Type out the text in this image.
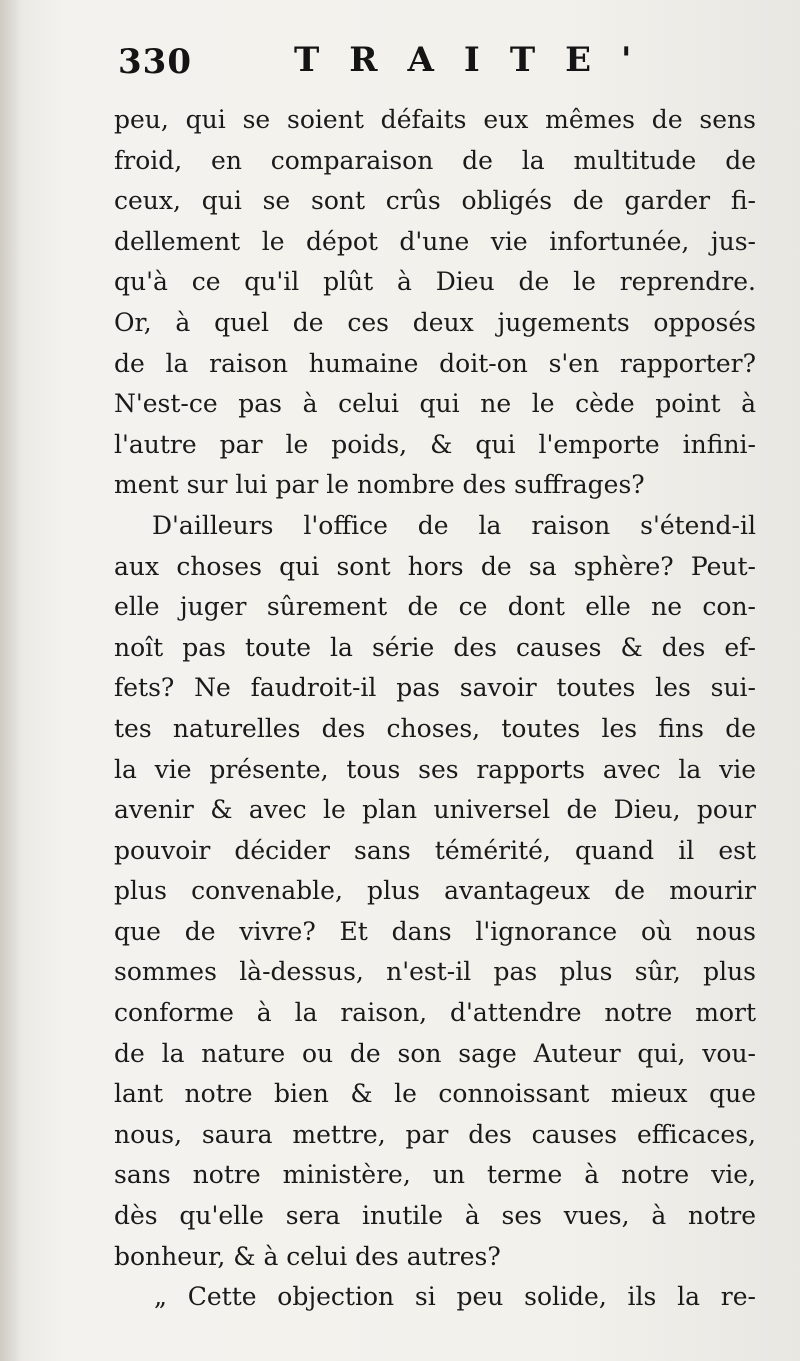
330	TRAITE'
peu, qui se soient défaits eux mêmes de sens
froid, en comparaison de la multitude de
ceux, qui se sont crûs obligés de garder fi-
dellement le dépot d'une vie infortunée, jus-
qu'à ce qu'il plût à Dieu de le reprendre.
Or, à quel de ces deux jugements opposés
de la raison humaine doit-on s'en rapporter?
N'est-ce pas à celui qui ne le cède point à
l'autre par le poids, & qui l'emporte infini-
ment sur lui par le nombre des suffrages?
D'ailleurs l'office de la raison s'étend-il
aux choses qui sont hors de sa sphère? Peut-
elle juger sûrement de ce dont elle ne con-
noît pas toute la série des causes & des ef-
fets? Ne faudroit-il pas savoir toutes les sui-
tes naturelles des choses, toutes les fins de
la vie présente, tous ses rapports avec la vie
avenir & avec le plan universel de Dieu, pour
pouvoir décider sans témérité, quand il est
plus convenable, plus avantageux de mourir
que de vivre? Et dans l'ignorance où nous
sommes là-dessus, n'est-il pas plus sûr, plus
conforme à la raison, d'attendre notre mort
de la nature ou de son sage Auteur qui, vou-
lant notre bien & le connoissant mieux que
nous, saura mettre, par des causes efficaces,
sans notre ministère, un terme à notre vie,
dès qu'elle sera inutile à ses vues, à notre
bonheur, & à celui des autres?
„ Cette objection si peu solide, ils la re-
